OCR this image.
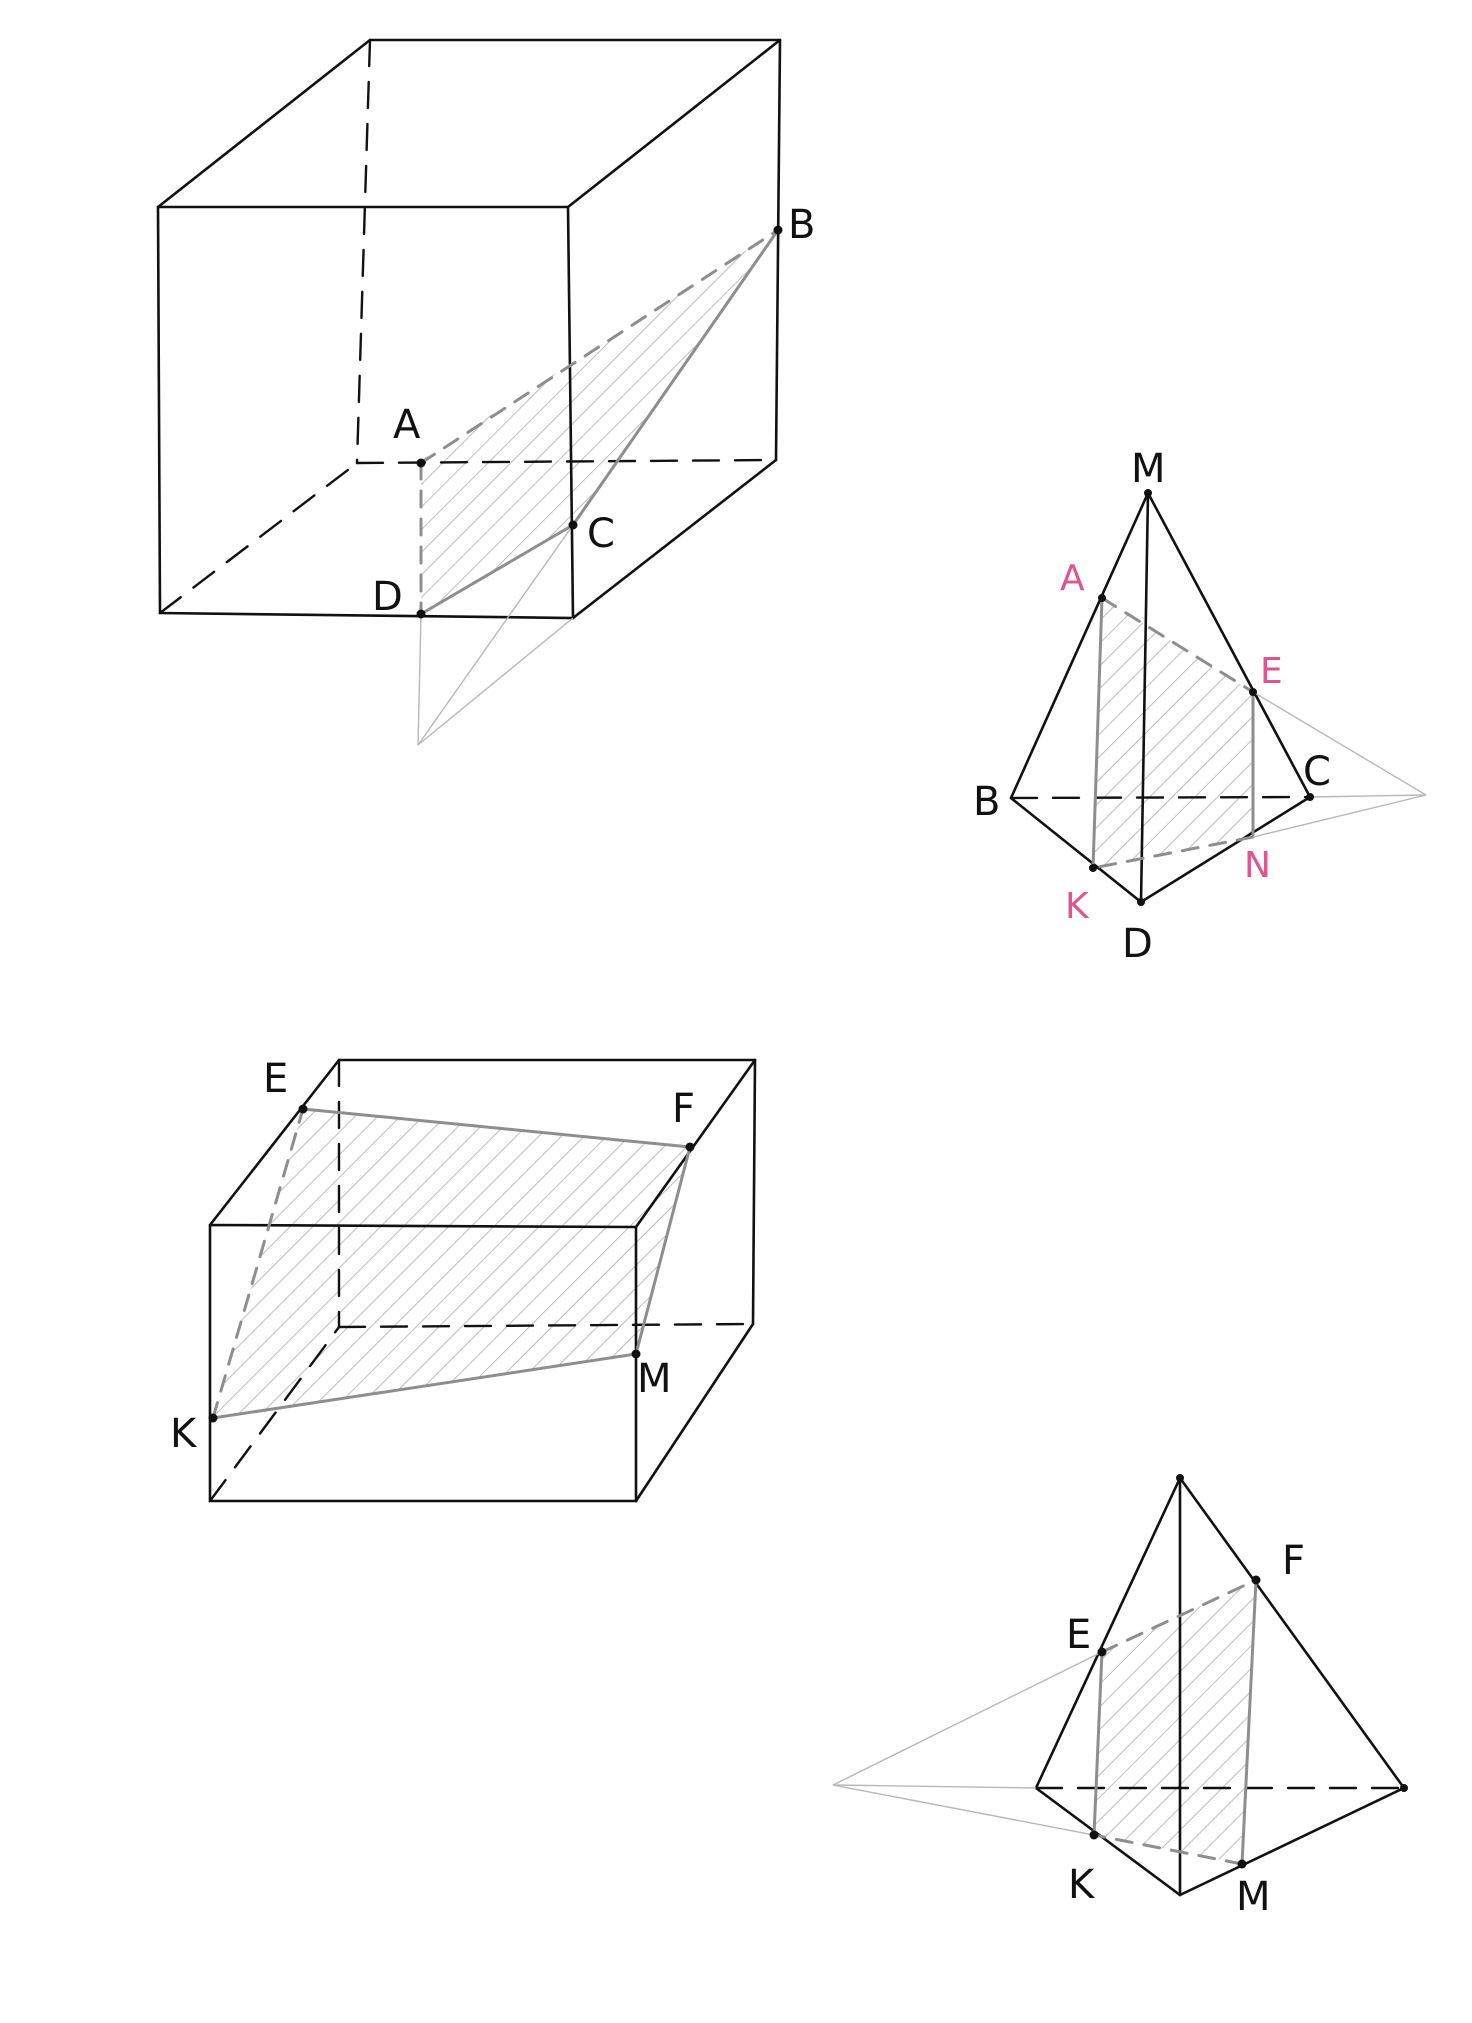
A
B
C
D
M
A
E
B
C
K
N
D
E
F
M
K
E
F
K	M
